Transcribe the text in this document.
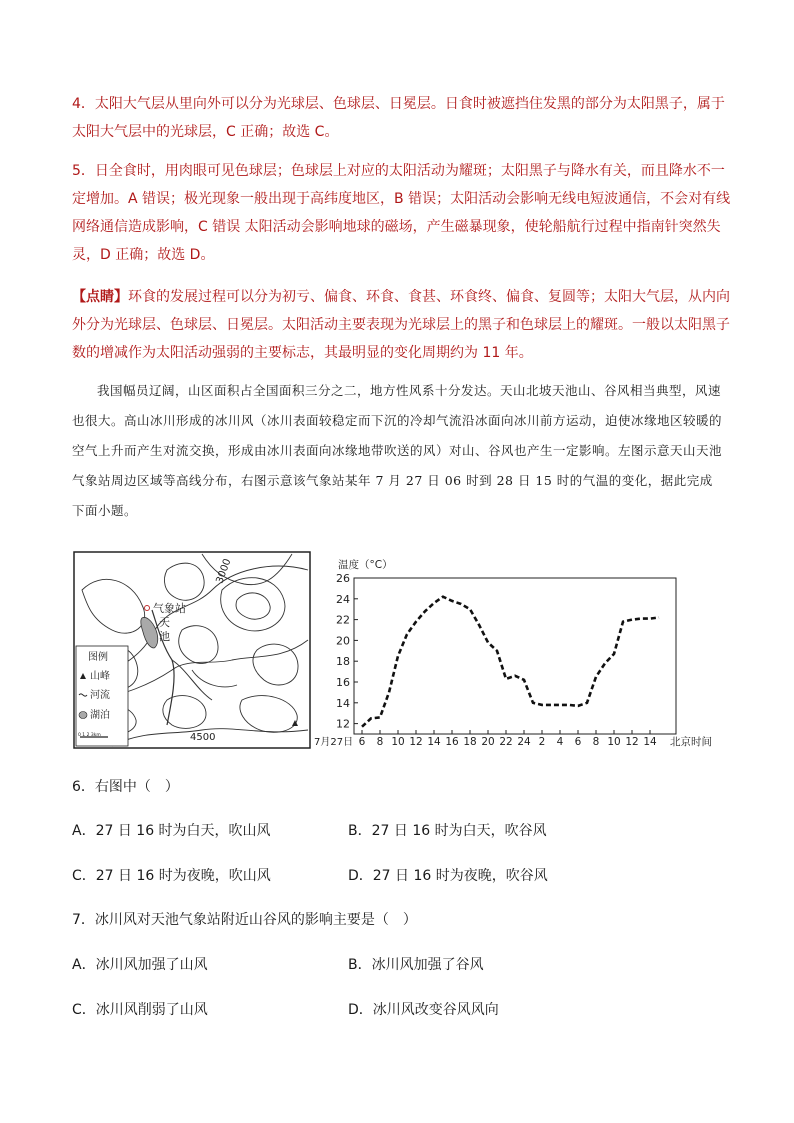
4．太阳大气层从里向外可以分为光球层、色球层、日冕层。日食时被遮挡住发黑的部分为太阳黑子，属于太阳大气层中的光球层，C 正确；故选 C。

5．日全食时，用肉眼可见色球层；色球层上对应的太阳活动为耀斑；太阳黑子与降水有关，而且降水不一定增加。A 错误；极光现象一般出现于高纬度地区，B 错误；太阳活动会影响无线电短波通信，不会对有线网络通信造成影响，C 错误 太阳活动会影响地球的磁场，产生磁暴现象，使轮船航行过程中指南针突然失灵，D 正确；故选 D。

【点睛】环食的发展过程可以分为初亏、偏食、环食、食甚、环食终、偏食、复圆等；太阳大气层，从内向外分为光球层、色球层、日冕层。太阳活动主要表现为光球层上的黑子和色球层上的耀斑。一般以太阳黑子数的增减作为太阳活动强弱的主要标志，其最明显的变化周期约为 11 年。

我国幅员辽阔，山区面积占全国面积三分之二，地方性风系十分发达。天山北坡天池山、谷风相当典型，风速也很大。高山冰川形成的冰川风（冰川表面较稳定而下沉的冷却气流沿冰面向冰川前方运动，迫使冰缘地区较暖的空气上升而产生对流交换，形成由冰川表面向冰缘地带吹送的风）对山、谷风也产生一定影响。左图示意天山天池气象站周边区域等高线分布，右图示意该气象站某年 7 月 27 日 06 时到 28 日 15 时的气温的变化，据此完成下面小题。

气象站
天
池
3000
4500
图例
山峰
河流
湖泊
0 1 2 3km
温度（°C）
12
14
16
18
20
22
24
26
6 8 10 12 14 16 18 20 22 24 2 4 6 8 10 12 14
7月27日	北京时间
6．右图中（　）
A．27 日 16 时为白天，吹山风	B．27 日 16 时为白天，吹谷风
C．27 日 16 时为夜晚，吹山风	D．27 日 16 时为夜晚，吹谷风
7．冰川风对天池气象站附近山谷风的影响主要是（　）
A．冰川风加强了山风	B．冰川风加强了谷风
C．冰川风削弱了山风	D．冰川风改变谷风风向
